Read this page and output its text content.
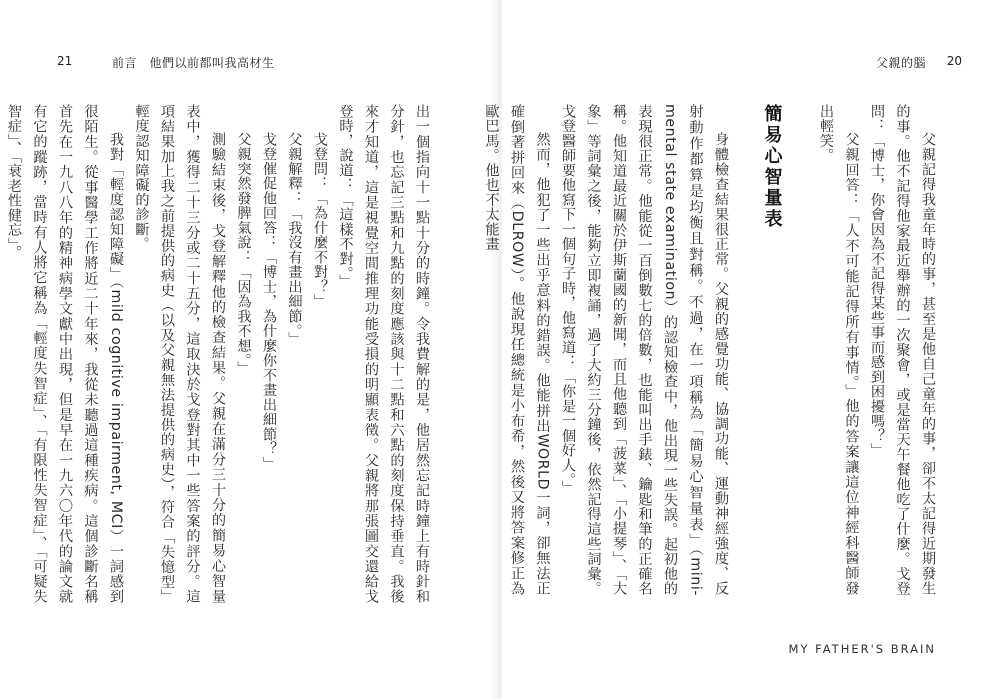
21	前言　他們以前都叫我高材生

出一個指向十一點十分的時鐘。令我費解的是，他居然忘記時鐘上有時針和分針，也忘記三點和九點的刻度應該與十二點和六點的刻度保持垂直。我後來才知道，這是視覺空間推理功能受損的明顯表徵。父親將那張圖交還給戈登時，說道：「這樣不對。」

戈登問：「為什麼不對？」

父親解釋：「我沒有畫出細節。」

戈登催促他回答：「博士，為什麼你不畫出細節？」

父親突然發脾氣說：「因為我不想。」

測驗結束後，戈登解釋他的檢查結果。父親在滿分三十分的簡易心智量表中，獲得二十三分或二十五分，這取決於戈登對其中一些答案的評分。這項結果加上我之前提供的病史（以及父親無法提供的病史），符合「失憶型」輕度認知障礙的診斷。

我對「輕度認知障礙」（mild cognitive impairment, MCI）一詞感到很陌生。從事醫學工作將近二十年來，我從未聽過這種疾病。這個診斷名稱首先在一九八八年的精神病學文獻中出現，但是早在一九六〇年代的論文就有它的蹤跡，當時有人將它稱為「輕度失智症」、「有限性失智症」、「可疑失智症」、「衰老性健忘」。

父親的腦 20
MY FATHER'S BRAIN

父親記得我童年時的事，甚至是他自己童年的事，卻不太記得近期發生的事。他不記得他家最近舉辦的一次聚會，或是當天午餐他吃了什麼。戈登問：「博士，你會因為不記得某些事而感到困擾嗎？」

父親回答：「人不可能記得所有事情。」他的答案讓這位神經科醫師發出輕笑。

簡易心智量表

身體檢查結果很正常。父親的感覺功能、協調功能、運動神經強度、反射動作都算是均衡且對稱。不過，在一項稱為「簡易心智量表」（mini-mental state examination）的認知檢查中，他出現一些失誤。起初他的表現很正常。他能從一百倒數七的倍數，也能叫出手錶、鑰匙和筆的正確名稱。他知道最近關於伊斯蘭國的新聞，而且他聽到「菠菜」、「小提琴」、「大象」等詞彙之後，能夠立即複誦，過了大約三分鐘後，依然記得這些詞彙。戈登醫師要他寫下一個句子時，他寫道：「你是一個好人。」

然而，他犯了一些出乎意料的錯誤。他能拼出WORLD一詞，卻無法正確倒著拼回來（DLROW）。他說現任總統是小布希，然後又將答案修正為歐巴馬。他也不太能畫
